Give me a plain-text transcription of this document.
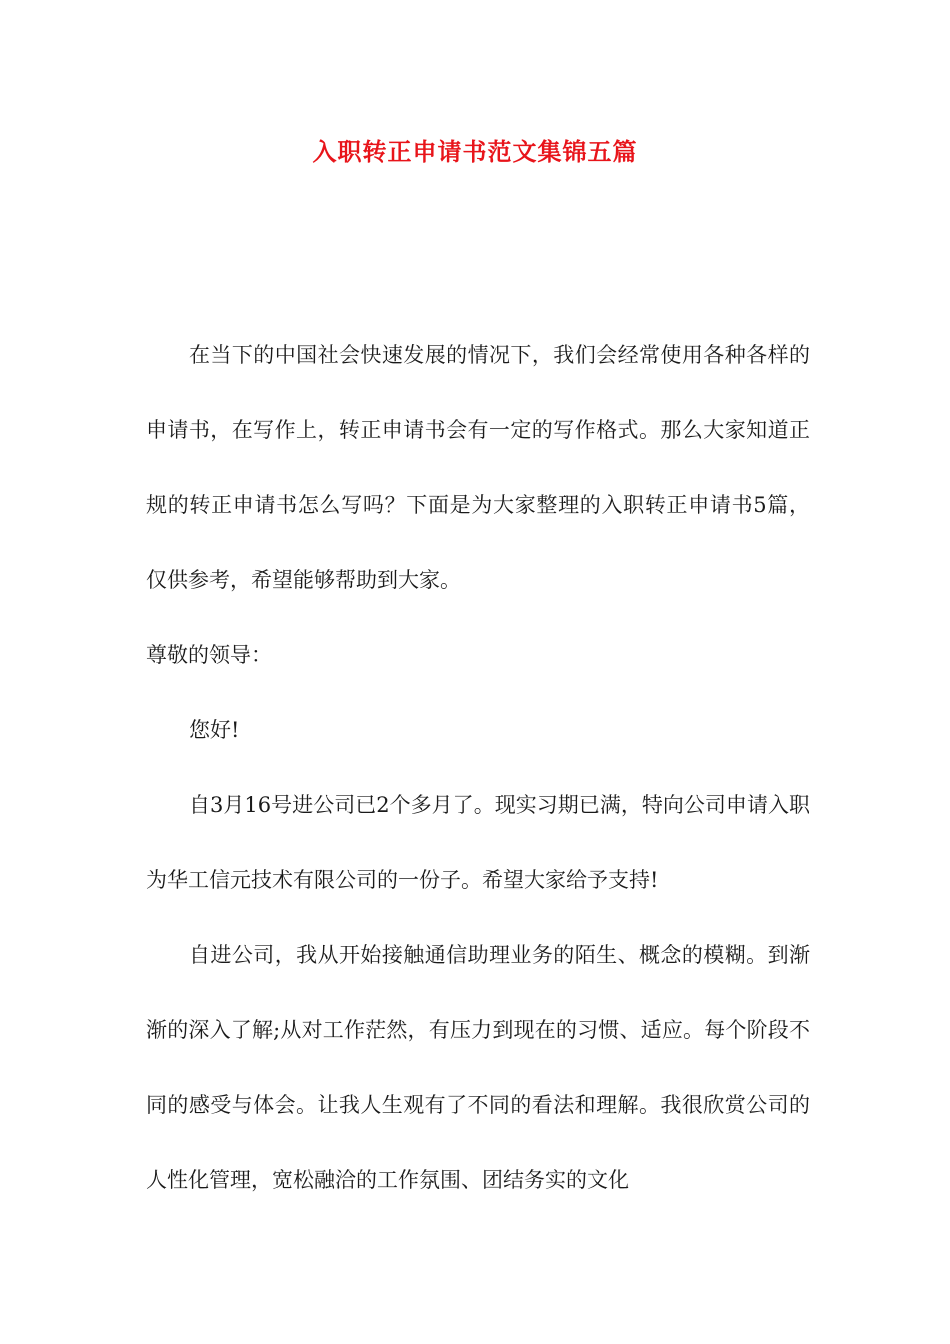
入职转正申请书范文集锦五篇

在当下的中国社会快速发展的情况下，我们会经常使用各种各样的申请书，在写作上，转正申请书会有一定的写作格式。那么大家知道正规的转正申请书怎么写吗？下面是为大家整理的入职转正申请书5篇，仅供参考，希望能够帮助到大家。

尊敬的领导：

您好!

自3月16号进公司已2个多月了。现实习期已满，特向公司申请入职为华工信元技术有限公司的一份子。希望大家给予支持!

自进公司，我从开始接触通信助理业务的陌生、概念的模糊。到渐渐的深入了解;从对工作茫然，有压力到现在的习惯、适应。每个阶段不同的感受与体会。让我人生观有了不同的看法和理解。我很欣赏公司的人性化管理，宽松融洽的工作氛围、团结务实的文化
